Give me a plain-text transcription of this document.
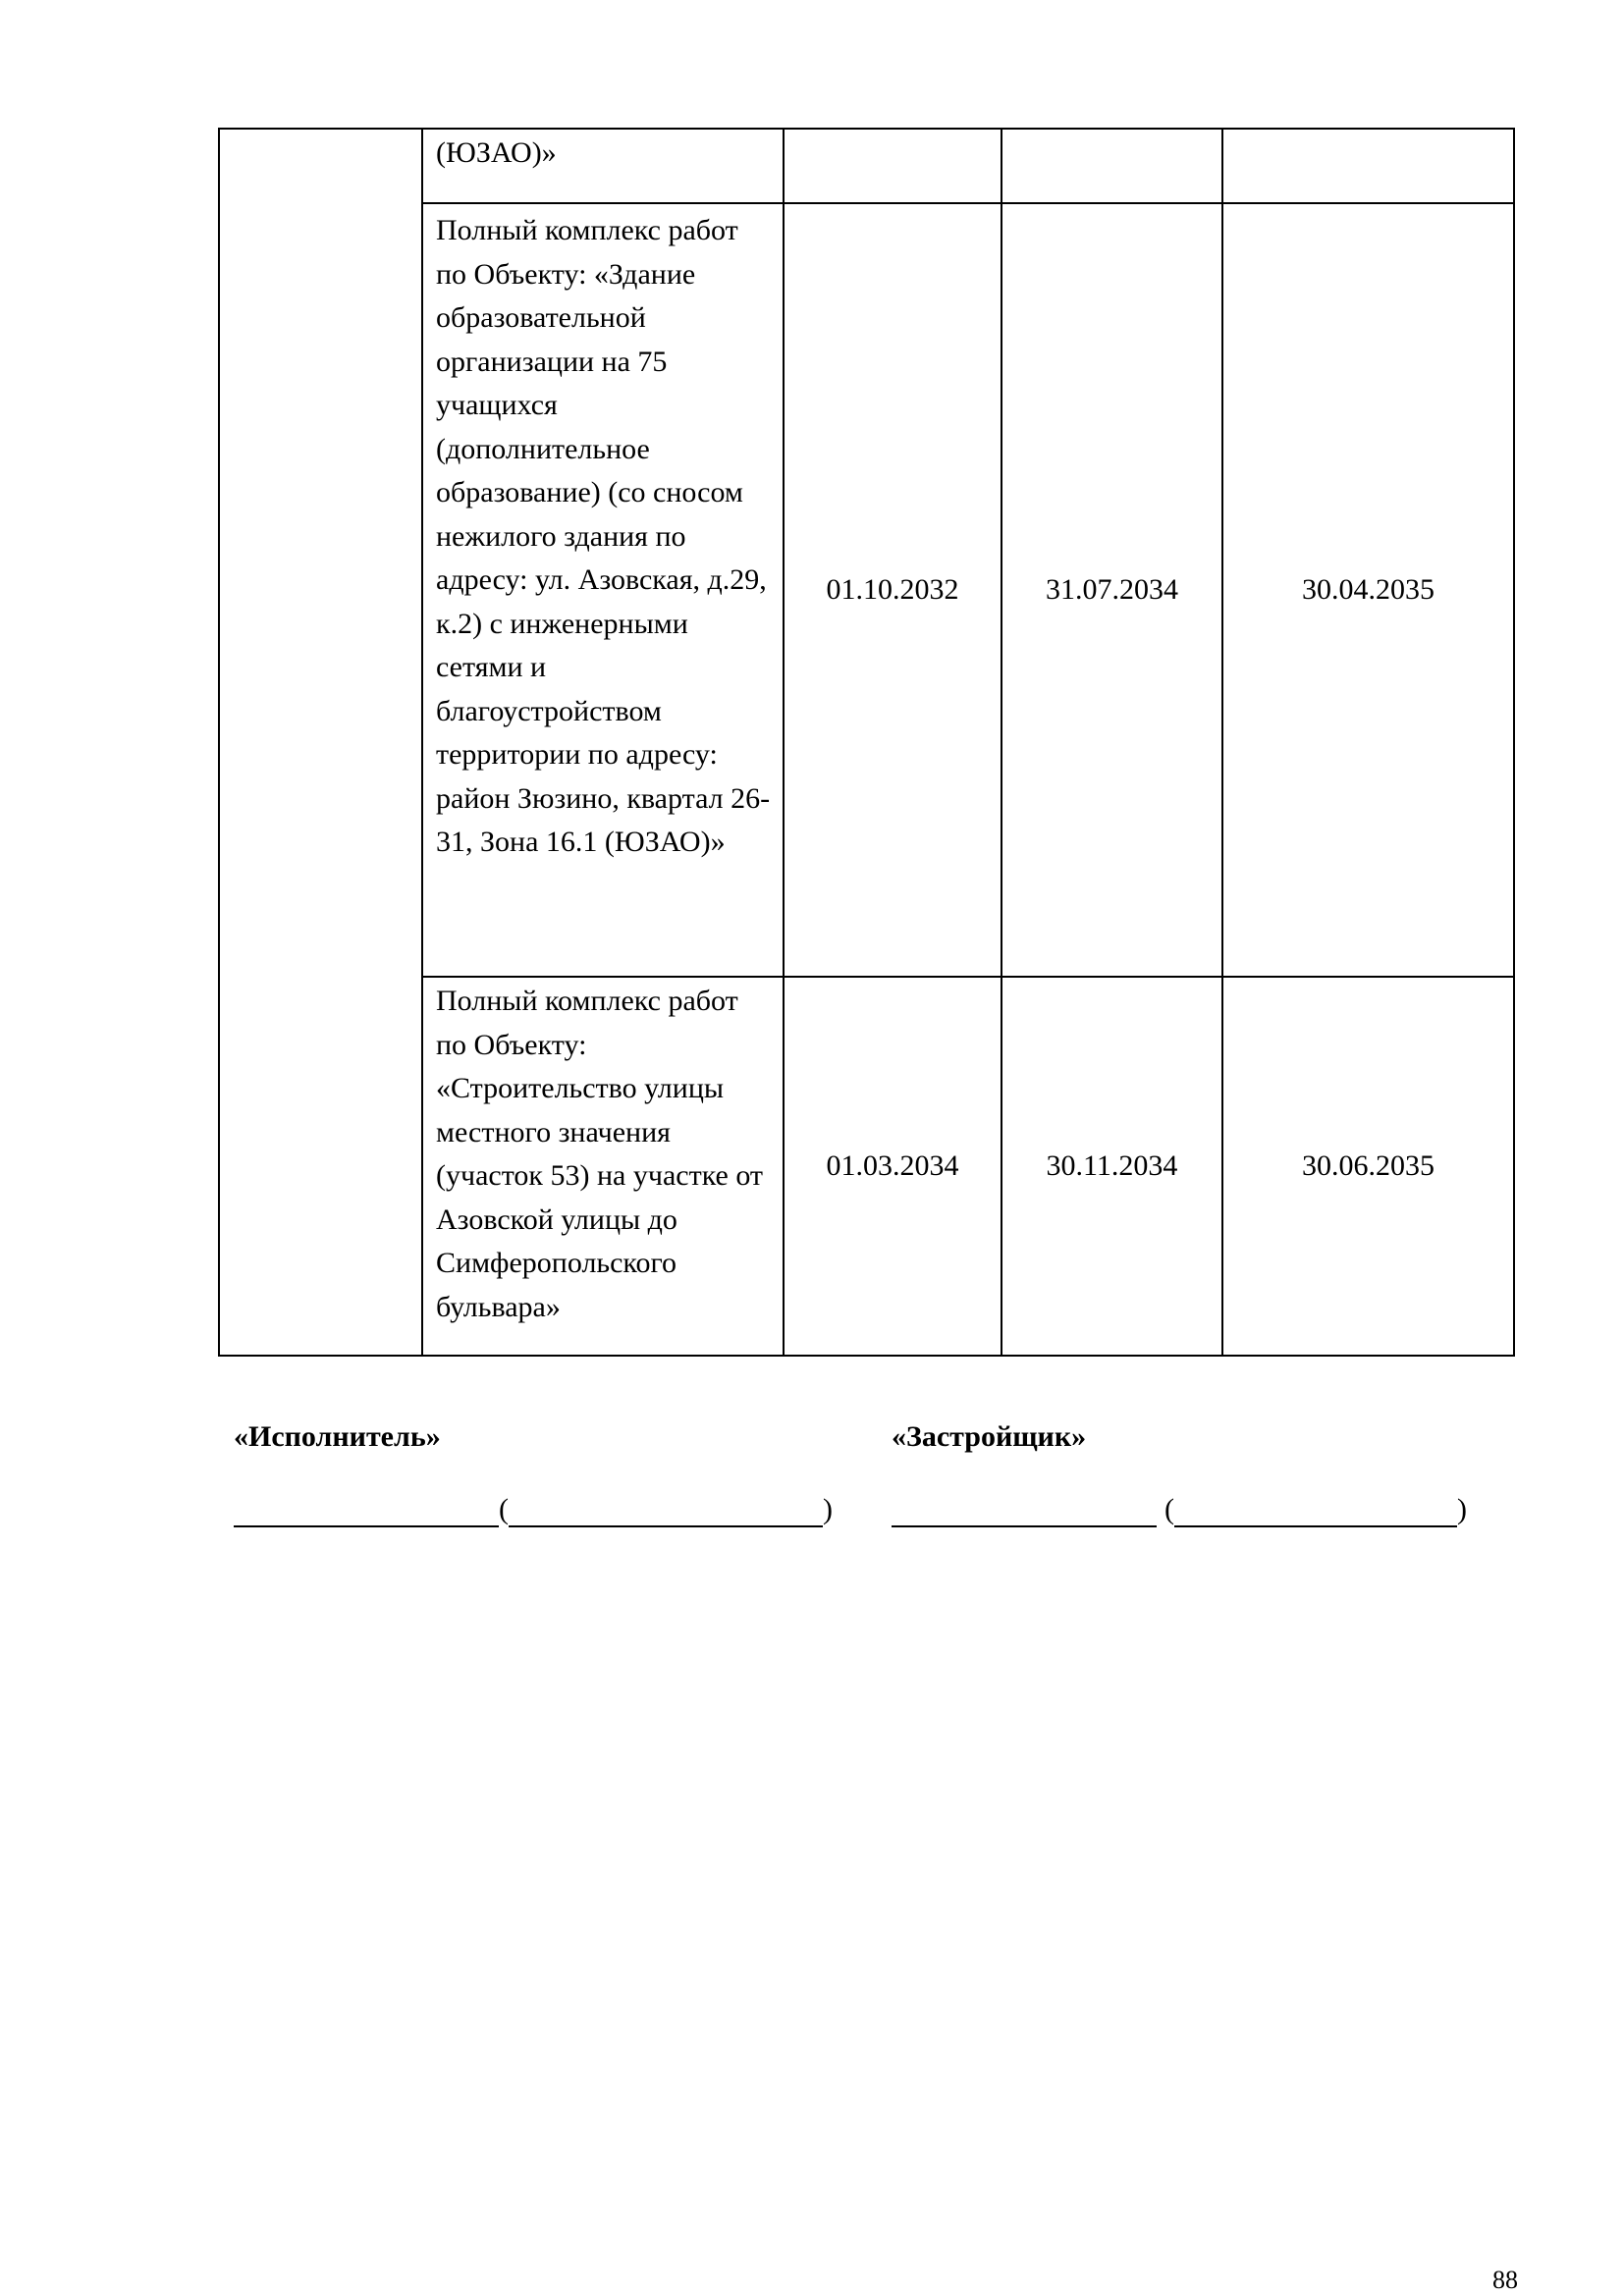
	(ЮЗАО)»			
	Полный комплекс работ по Объекту: «Здание образовательной организации на 75 учащихся (дополнительное образование) (со сносом нежилого здания по адресу: ул. Азовская, д.29, к.2) с инженерными сетями и благоустройством территории по адресу: район Зюзино, квартал 26-31, Зона 16.1 (ЮЗАО)»	01.10.2032	31.07.2034	30.04.2035
	Полный комплекс работ по Объекту: «Строительство улицы местного значения (участок 53) на участке от Азовской улицы до Симферопольского бульвара»	01.03.2034	30.11.2034	30.06.2035
«Исполнитель»	«Застройщик»
(	)	(	)
88
